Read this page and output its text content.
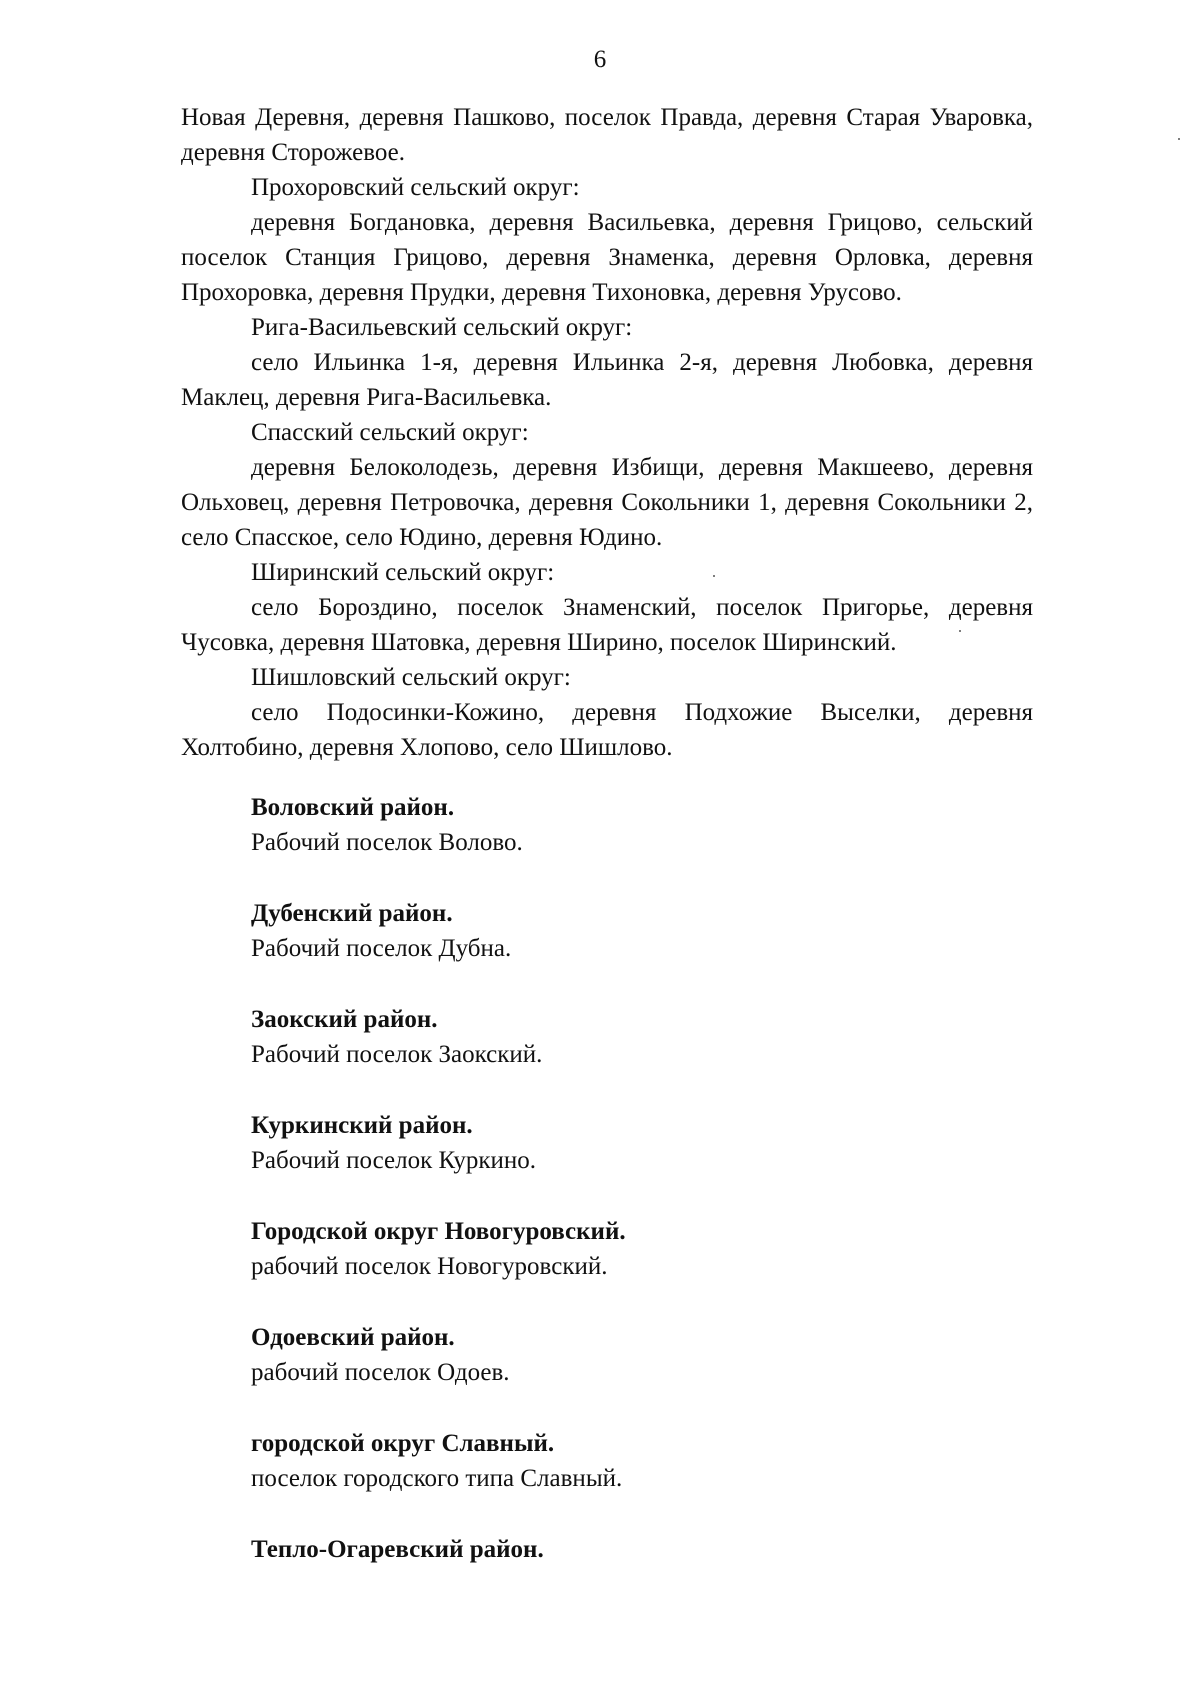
6

Новая Деревня, деревня Пашково, поселок Правда, деревня Старая Уваровка, деревня Сторожевое.

Прохоровский сельский округ:

деревня Богдановка, деревня Васильевка, деревня Грицово, сельский поселок Станция Грицово, деревня Знаменка, деревня Орловка, деревня Прохоровка, деревня Прудки, деревня Тихоновка, деревня Урусово.

Рига-Васильевский сельский округ:

село Ильинка 1-я, деревня Ильинка 2-я, деревня Любовка, деревня Маклец, деревня Рига-Васильевка.

Спасский сельский округ:

деревня Белоколодезь, деревня Избищи, деревня Макшеево, деревня Ольховец, деревня Петровочка, деревня Сокольники 1, деревня Сокольники 2, село Спасское, село Юдино, деревня Юдино.

Ширинский сельский округ:

село Бороздино, поселок Знаменский, поселок Пригорье, деревня Чусовка, деревня Шатовка, деревня Ширино, поселок Ширинский.

Шишловский сельский округ:

село Подосинки-Кожино, деревня Подхожие Выселки, деревня Холтобино, деревня Хлопово, село Шишлово.

Воловский район.

Рабочий поселок Волово.

Дубенский район.

Рабочий поселок Дубна.

Заокский район.

Рабочий поселок Заокский.

Куркинский район.

Рабочий поселок Куркино.

Городской округ Новогуровский.

рабочий поселок Новогуровский.

Одоевский район.

рабочий поселок Одоев.

городской округ Славный.

поселок городского типа Славный.

Тепло-Огаревский район.
